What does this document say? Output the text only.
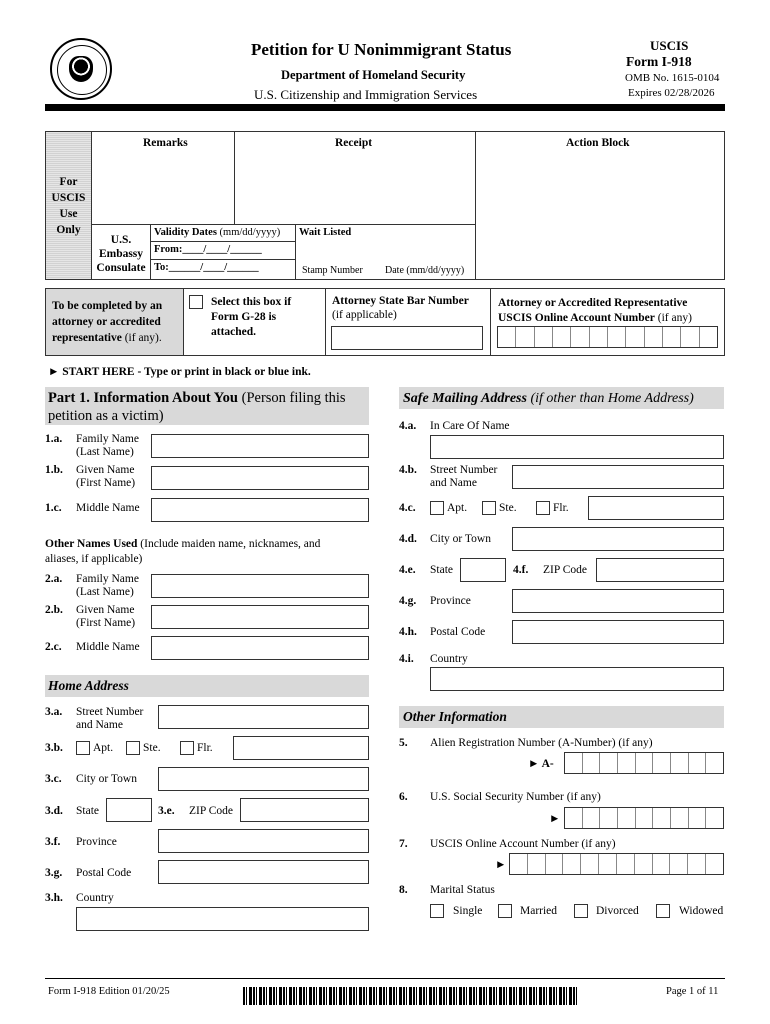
Petition for U Nonimmigrant Status
Department of Homeland Security
U.S. Citizenship and Immigration Services
USCIS
Form I-918
OMB No. 1615-0104
Expires 02/28/2026
For
USCIS
Use
Only
Remarks	Receipt	Action Block
U.S.
Embassy
Consulate
Validity Dates (mm/dd/yyyy)
From:____/____/______
To:______/____/______
Wait Listed
Stamp Number Date (mm/dd/yyyy)
To be completed by an
attorney or accredited
representative (if any).
Select this box if
Form G-28 is
attached.
Attorney State Bar Number
(if applicable)
Attorney or Accredited Representative
USCIS Online Account Number (if any)
► START HERE - Type or print in black or blue ink.
Part 1. Information About You (Person filing this
petition as a victim)
1.a. Family Name
(Last Name)
1.b. Given Name
(First Name)
1.c. Middle Name
Other Names Used (Include maiden name, nicknames, and
aliases, if applicable)
2.a. Family Name
(Last Name)
2.b. Given Name
(First Name)
2.c. Middle Name
Home Address
3.a. Street Number
and Name
3.b.	Apt.	Ste.	Flr.
3.c. City or Town
3.d. State	3.e. ZIP Code
3.f. Province
3.g. Postal Code
3.h. Country
Safe Mailing Address (if other than Home Address)
4.a. In Care Of Name
4.b. Street Number
and Name
4.c.	Apt.	Ste.	Flr.
4.d. City or Town
4.e. State	4.f. ZIP Code
4.g. Province
4.h. Postal Code
4.i. Country
Other Information
5. Alien Registration Number (A-Number) (if any)
► A-
6. U.S. Social Security Number (if any)
►
7. USCIS Online Account Number (if any)
►
8. Marital Status
Single	Married	Divorced	Widowed
Form I-918 Edition 01/20/25	Page 1 of 11
